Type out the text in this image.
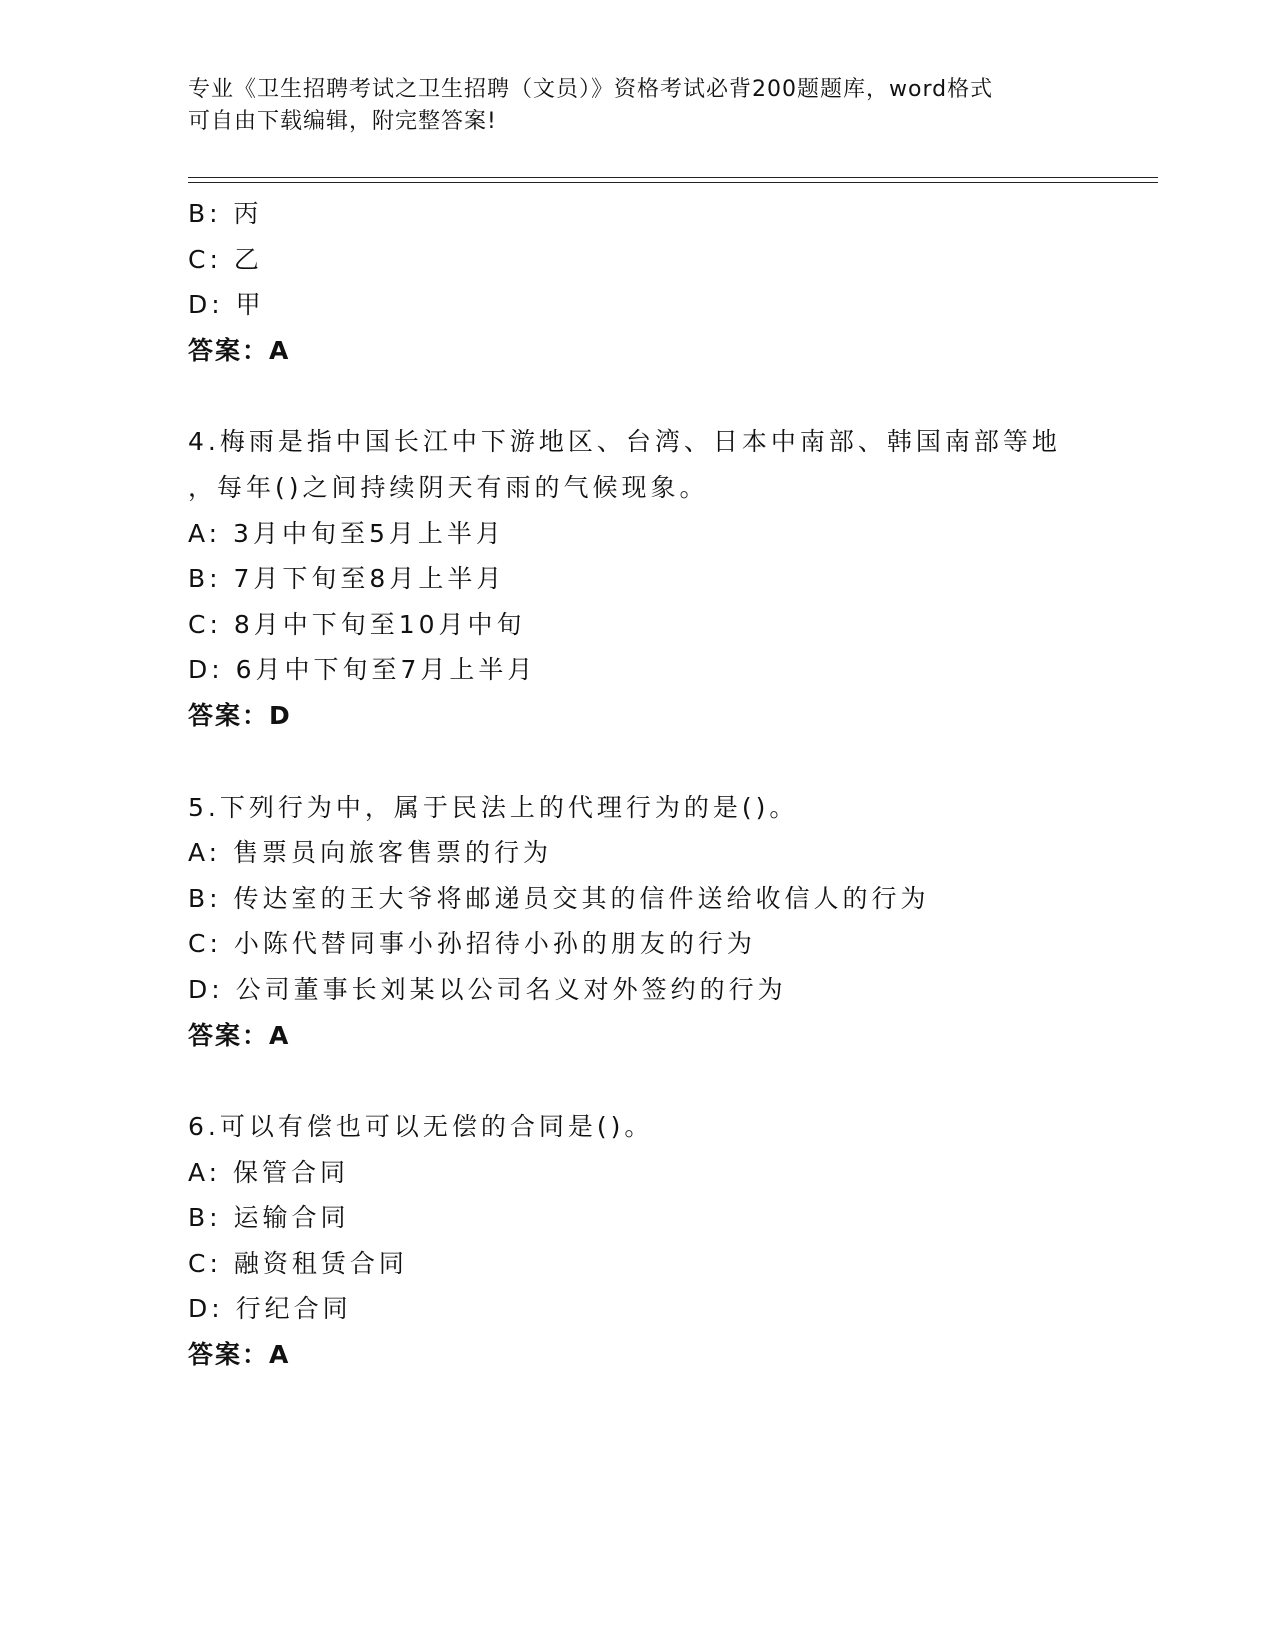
专业《卫生招聘考试之卫生招聘（文员）》资格考试必背200题题库，word格式
可自由下载编辑，附完整答案!
B: 丙
C: 乙
D: 甲
答案：A
4.梅雨是指中国长江中下游地区、台湾、日本中南部、韩国南部等地
，每年()之间持续阴天有雨的气候现象。
A: 3月中旬至5月上半月
B: 7月下旬至8月上半月
C: 8月中下旬至10月中旬
D: 6月中下旬至7月上半月
答案：D
5.下列行为中，属于民法上的代理行为的是()。
A: 售票员向旅客售票的行为
B: 传达室的王大爷将邮递员交其的信件送给收信人的行为
C: 小陈代替同事小孙招待小孙的朋友的行为
D: 公司董事长刘某以公司名义对外签约的行为
答案：A
6.可以有偿也可以无偿的合同是()。
A: 保管合同
B: 运输合同
C: 融资租赁合同
D: 行纪合同
答案：A
